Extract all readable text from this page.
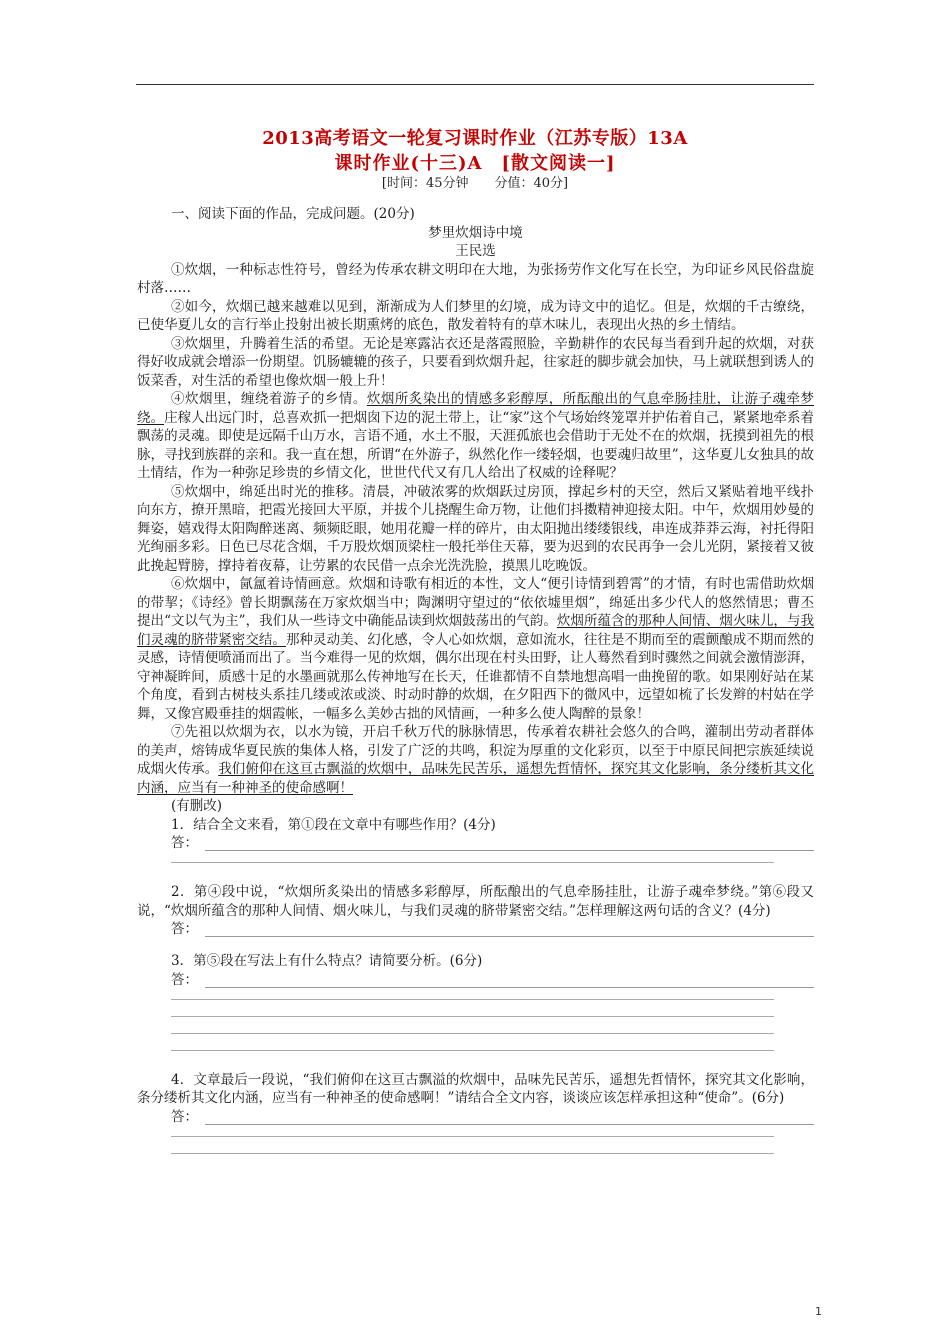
2013高考语文一轮复习课时作业（江苏专版）13A
课时作业(十三)A　[散文阅读一]
[时间：45分钟　　分值：40分]

一、阅读下面的作品，完成问题。(20分)

梦里炊烟诗中境

王民选

①炊烟，一种标志性符号，曾经为传承农耕文明印在大地，为张扬劳作文化写在长空，为印证乡风民俗盘旋村落……

②如今，炊烟已越来越难以见到，渐渐成为人们梦里的幻境，成为诗文中的追忆。但是，炊烟的千古缭绕，已使华夏儿女的言行举止投射出被长期熏烤的底色，散发着特有的草木味儿，表现出火热的乡土情结。

③炊烟里，升腾着生活的希望。无论是寒露沾衣还是落霞照脸，辛勤耕作的农民每当看到升起的炊烟，对获得好收成就会增添一份期望。饥肠辘辘的孩子，只要看到炊烟升起，往家赶的脚步就会加快，马上就联想到诱人的饭菜香，对生活的希望也像炊烟一般上升！

④炊烟里，缠绕着游子的乡情。炊烟所炙染出的情感多彩醇厚，所酝酿出的气息牵肠挂肚，让游子魂牵梦绕。庄稼人出远门时，总喜欢抓一把烟囱下边的泥土带上，让“家”这个气场始终笼罩并护佑着自己，紧紧地牵系着飘荡的灵魂。即使是远隔千山万水，言语不通，水土不服，天涯孤旅也会借助于无处不在的炊烟，抚摸到祖先的根脉，寻找到族群的亲和。我一直在想，所谓“在外游子，纵然化作一缕轻烟，也要魂归故里”，这华夏儿女独具的故土情结，作为一种弥足珍贵的乡情文化，世世代代又有几人给出了权威的诠释呢？

⑤炊烟中，绵延出时光的推移。清晨，冲破浓雾的炊烟跃过房顶，撑起乡村的天空，然后又紧贴着地平线扑向东方，撩开黑暗，把霞光接回大平原，并拔个儿挠醒生命万物，让他们抖擞精神迎接太阳。中午，炊烟用妙曼的舞姿，嬉戏得太阳陶醉迷离、频频眨眼，她用花瓣一样的碎片，由太阳抛出缕缕银线，串连成莽莽云海，衬托得阳光绚丽多彩。日色已尽花含烟，千万股炊烟顶梁柱一般托举住天幕，要为迟到的农民再争一会儿光阴，紧接着又彼此挽起臂膀，撑持着夜幕，让劳累的农民借一点余光洗洗脸，摸黑儿吃晚饭。

⑥炊烟中，氤氲着诗情画意。炊烟和诗歌有相近的本性，文人“便引诗情到碧霄”的才情，有时也需借助炊烟的带挈；《诗经》曾长期飘荡在万家炊烟当中；陶渊明守望过的“依依墟里烟”，绵延出多少代人的悠然情思；曹丕提出“文以气为主”，我们从一些诗文中确能品读到炊烟鼓荡出的气韵。炊烟所蕴含的那种人间情、烟火味儿，与我们灵魂的脐带紧密交结。那种灵动美、幻化感，令人心如炊烟，意如流水，往往是不期而至的震颤酿成不期而然的灵感，诗情便喷涌而出了。当今难得一见的炊烟，偶尔出现在村头田野，让人蓦然看到时骤然之间就会激情澎湃，守神凝眸间，质感十足的水墨画就那么传神地写在长天，任谁都情不自禁地想高唱一曲挽留的歌。如果刚好站在某个角度，看到古树枝头系挂几缕或浓或淡、时动时静的炊烟，在夕阳西下的微风中，远望如梳了长发辫的村姑在学舞，又像宫殿垂挂的烟霞帐，一幅多么美妙古拙的风情画，一种多么使人陶醉的景象！

⑦先祖以炊烟为衣，以水为镜，开启千秋万代的脉脉情思，传承着农耕社会悠久的合鸣，灌制出劳动者群体的美声，熔铸成华夏民族的集体人格，引发了广泛的共鸣，积淀为厚重的文化彩页，以至于中原民间把宗族延续说成烟火传承。我们俯仰在这亘古飘溢的炊烟中，品味先民苦乐，遥想先哲情怀，探究其文化影响，条分缕析其文化内涵，应当有一种神圣的使命感啊！

(有删改)

1．结合全文来看，第①段在文章中有哪些作用？(4分)

答：

2．第④段中说，“炊烟所炙染出的情感多彩醇厚，所酝酿出的气息牵肠挂肚，让游子魂牵梦绕。”第⑥段又说，“炊烟所蕴含的那种人间情、烟火味儿，与我们灵魂的脐带紧密交结。”怎样理解这两句话的含义？(4分)

答：

3．第⑤段在写法上有什么特点？请简要分析。(6分)

答：

4．文章最后一段说，“我们俯仰在这亘古飘溢的炊烟中，品味先民苦乐，遥想先哲情怀，探究其文化影响，条分缕析其文化内涵，应当有一种神圣的使命感啊！”请结合全文内容，谈谈应该怎样承担这种“使命”。(6分)

答：
1
